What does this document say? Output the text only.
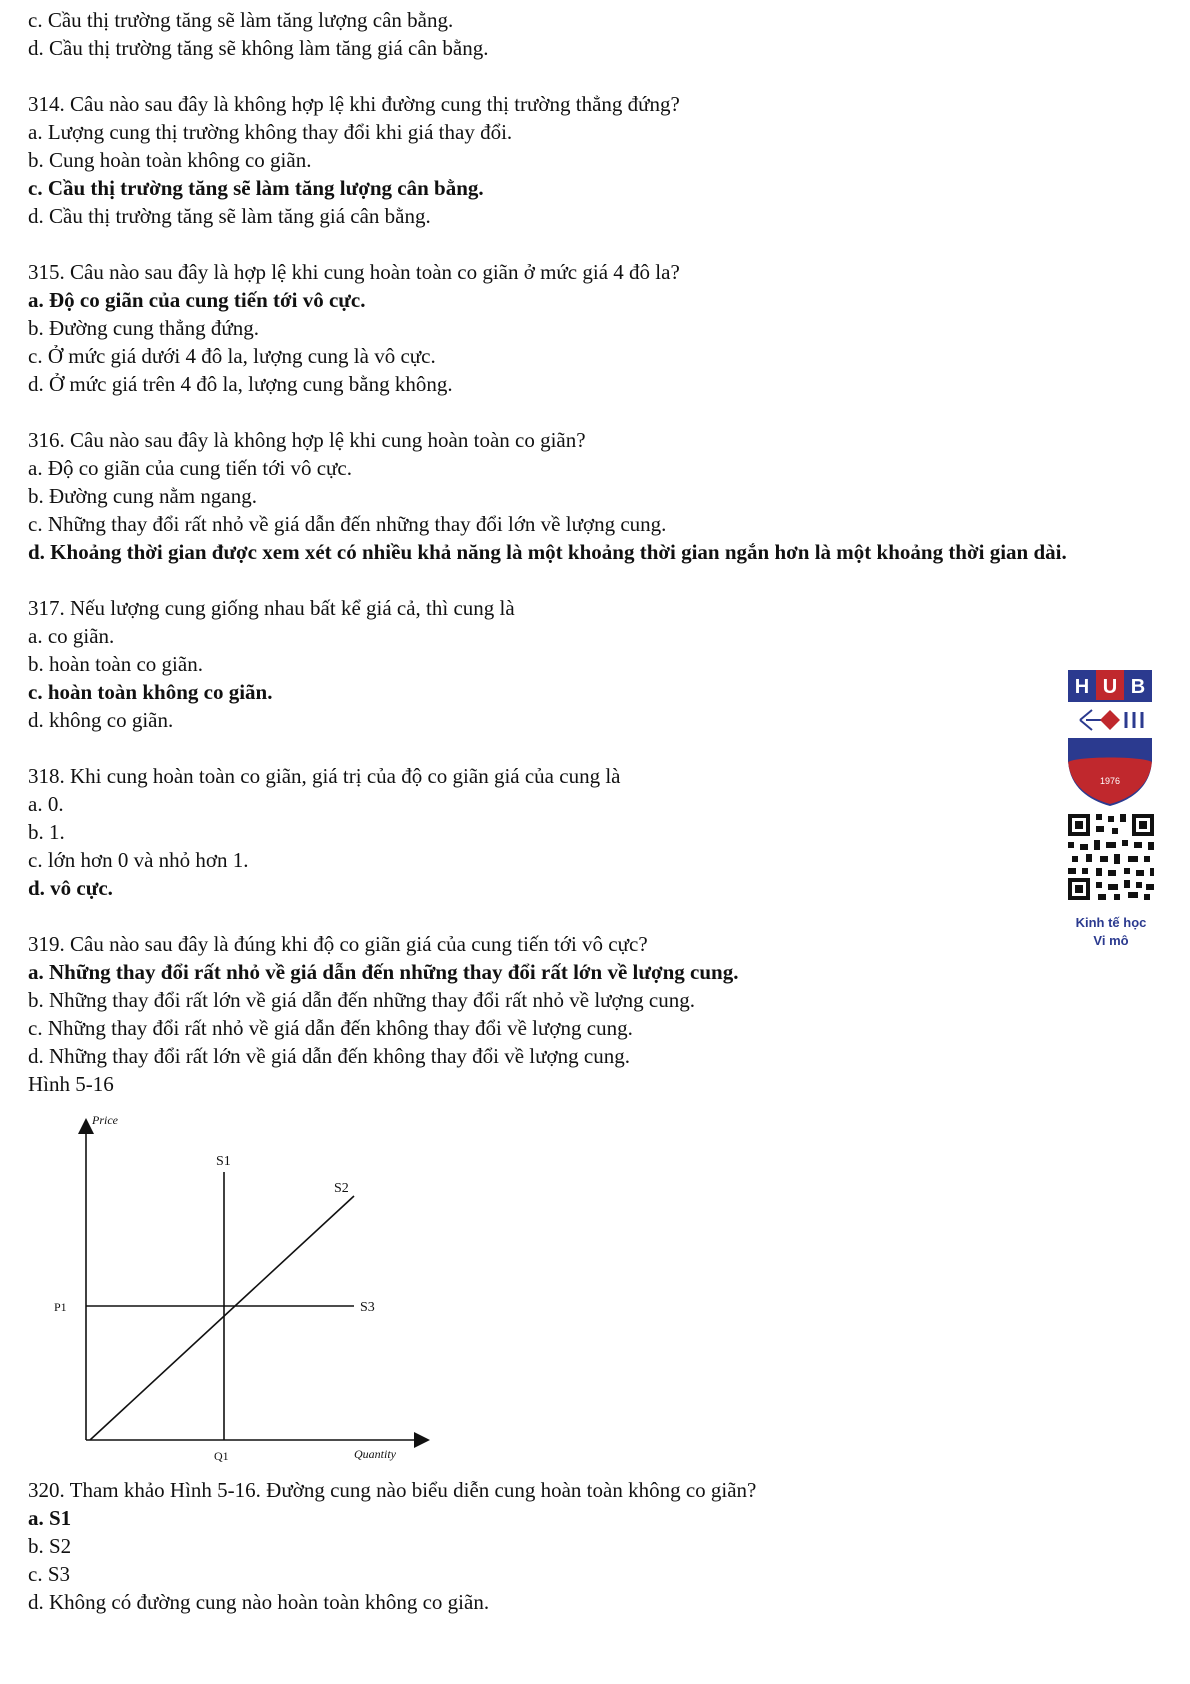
c. Cầu thị trường tăng sẽ làm tăng lượng cân bằng.
d. Cầu thị trường tăng sẽ không làm tăng giá cân bằng.
314. Câu nào sau đây là không hợp lệ khi đường cung thị trường thẳng đứng?
a. Lượng cung thị trường không thay đổi khi giá thay đổi.
b. Cung hoàn toàn không co giãn.
c. Cầu thị trường tăng sẽ làm tăng lượng cân bằng.
d. Cầu thị trường tăng sẽ làm tăng giá cân bằng.
315. Câu nào sau đây là hợp lệ khi cung hoàn toàn co giãn ở mức giá 4 đô la?
a. Độ co giãn của cung tiến tới vô cực.
b. Đường cung thẳng đứng.
c. Ở mức giá dưới 4 đô la, lượng cung là vô cực.
d. Ở mức giá trên 4 đô la, lượng cung bằng không.
316. Câu nào sau đây là không hợp lệ khi cung hoàn toàn co giãn?
a. Độ co giãn của cung tiến tới vô cực.
b. Đường cung nằm ngang.
c. Những thay đổi rất nhỏ về giá dẫn đến những thay đổi lớn về lượng cung.
d. Khoảng thời gian được xem xét có nhiều khả năng là một khoảng thời gian ngắn hơn là một khoảng thời gian dài.
317. Nếu lượng cung giống nhau bất kể giá cả, thì cung là
a. co giãn.
b. hoàn toàn co giãn.
c. hoàn toàn không co giãn.
d. không co giãn.
318. Khi cung hoàn toàn co giãn, giá trị của độ co giãn giá của cung là
a. 0.
b. 1.
c. lớn hơn 0 và nhỏ hơn 1.
d. vô cực.
319. Câu nào sau đây là đúng khi độ co giãn giá của cung tiến tới vô cực?
a. Những thay đổi rất nhỏ về giá dẫn đến những thay đổi rất lớn về lượng cung.
b. Những thay đổi rất lớn về giá dẫn đến những thay đổi rất nhỏ về lượng cung.
c. Những thay đổi rất nhỏ về giá dẫn đến không thay đổi về lượng cung.
d. Những thay đổi rất lớn về giá dẫn đến không thay đổi về lượng cung.
Hình 5-16
Price
S1
S2
S3
P1
Q1	Quantity
320. Tham khảo Hình 5-16. Đường cung nào biểu diễn cung hoàn toàn không co giãn?
a. S1
b. S2
c. S3
d. Không có đường cung nào hoàn toàn không co giãn.
H U B
1976
Kinh tế học
Vi mô
